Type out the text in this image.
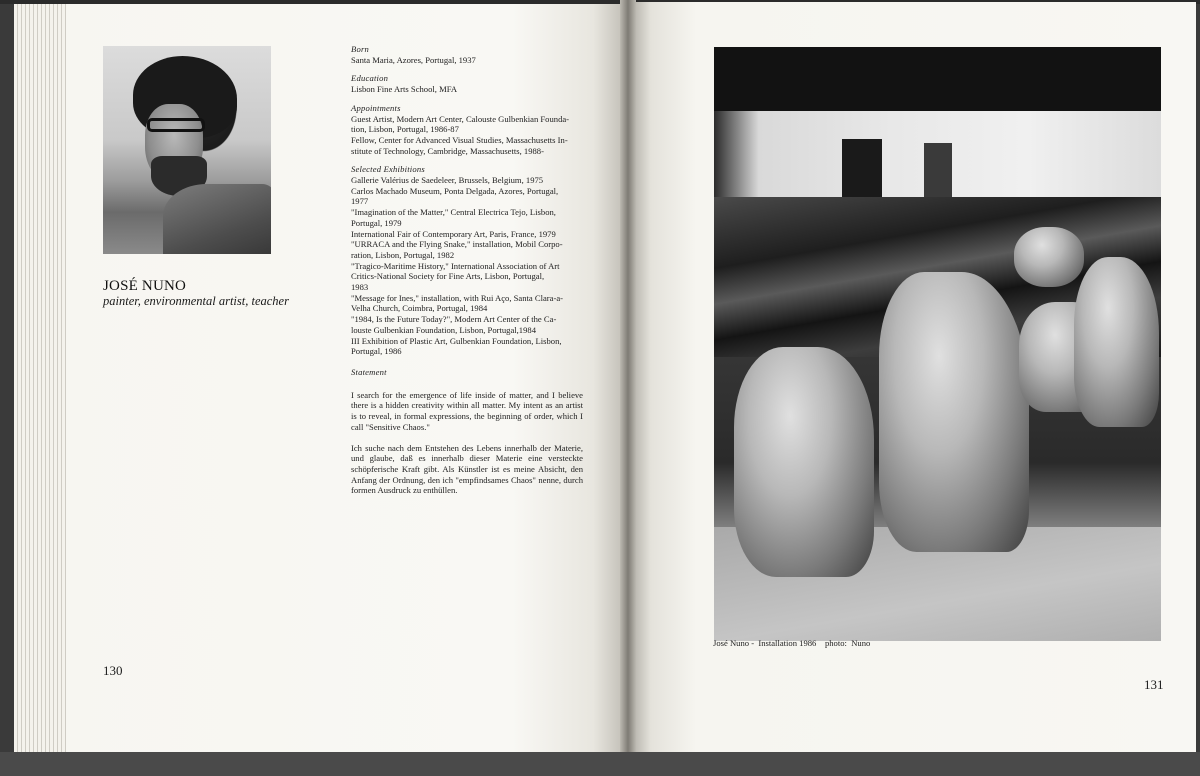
JOSÉ NUNO
painter, environmental artist, teacher
Born
Santa Maria, Azores, Portugal, 1937
Education
Lisbon Fine Arts School, MFA
Appointments
Guest Artist, Modern Art Center, Calouste Gulbenkian Founda-
tion, Lisbon, Portugal, 1986-87
Fellow, Center for Advanced Visual Studies, Massachusetts In-
stitute of Technology, Cambridge, Massachusetts, 1988-
Selected Exhibitions
Gallerie Valérius de Saedeleer, Brussels, Belgium, 1975
Carlos Machado Museum, Ponta Delgada, Azores, Portugal,
1977
"Imagination of the Matter," Central Electrica Tejo, Lisbon,
Portugal, 1979
International Fair of Contemporary Art, Paris, France, 1979
"URRACA and the Flying Snake," installation, Mobil Corpo-
ration, Lisbon, Portugal, 1982
"Tragico-Maritime History," International Association of Art
Critics-National Society for Fine Arts, Lisbon, Portugal,
1983
"Message for Ines," installation, with Rui Aço, Santa Clara-a-
Velha Church, Coimbra, Portugal, 1984
"1984, Is the Future Today?", Modern Art Center of the Ca-
louste Gulbenkian Foundation, Lisbon, Portugal,1984
III Exhibition of Plastic Art, Gulbenkian Foundation, Lisbon,
Portugal, 1986
Statement
I search for the emergence of life inside of matter, and I believe there is a hidden creativity within all matter. My intent as an artist is to reveal, in formal expressions, the beginning of order, which I call "Sensitive Chaos."
Ich suche nach dem Entstehen des Lebens innerhalb der Materie, und glaube, daß es innerhalb dieser Materie eine versteckte schöpferische Kraft gibt. Als Künstler ist es meine Absicht, den Anfang der Ordnung, den ich "empfindsames Chaos" nenne, durch formen Ausdruck zu enthüllen.
130
José Nuno -  Installation 1986 photo:  Nuno
131
